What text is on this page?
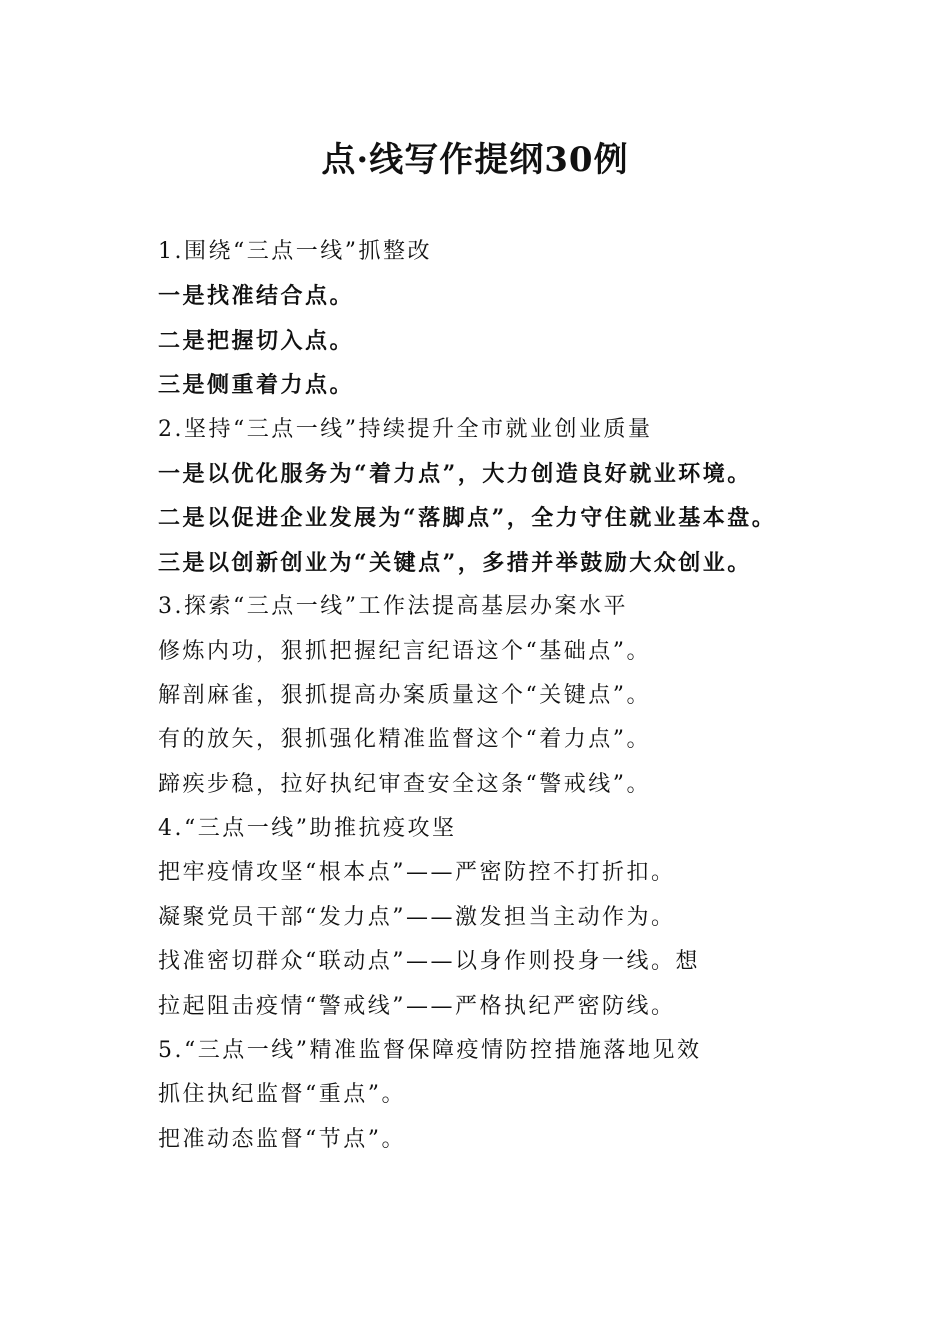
点·线写作提纲30例
1.围绕“三点一线”抓整改
一是找准结合点。
二是把握切入点。
三是侧重着力点。
2.坚持“三点一线”持续提升全市就业创业质量
一是以优化服务为“着力点”，大力创造良好就业环境。
二是以促进企业发展为“落脚点”，全力守住就业基本盘。
三是以创新创业为“关键点”，多措并举鼓励大众创业。
3.探索“三点一线”工作法提高基层办案水平
修炼内功，狠抓把握纪言纪语这个“基础点”。
解剖麻雀，狠抓提高办案质量这个“关键点”。
有的放矢，狠抓强化精准监督这个“着力点”。
蹄疾步稳，拉好执纪审查安全这条“警戒线”。
4.“三点一线”助推抗疫攻坚
把牢疫情攻坚“根本点”——严密防控不打折扣。
凝聚党员干部“发力点”——激发担当主动作为。
找准密切群众“联动点”——以身作则投身一线。想
拉起阻击疫情“警戒线”——严格执纪严密防线。
5.“三点一线”精准监督保障疫情防控措施落地见效
抓住执纪监督“重点”。
把准动态监督“节点”。
